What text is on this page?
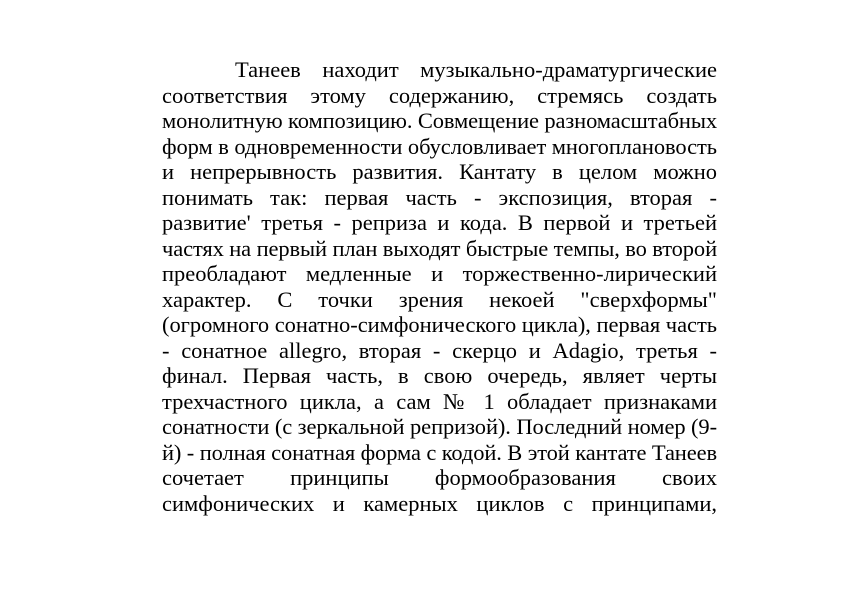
Танеев находит музыкально-драматургические
соответствия этому содержанию, стремясь создать
монолитную композицию. Совмещение разномасштабных
форм в одновременности обусловливает многоплановость
и непрерывность развития. Кантату в целом можно
понимать так: первая часть - экспозиция, вторая -
развитие' третья - реприза и кода. В первой и третьей
частях на первый план выходят быстрые темпы, во второй
преобладают медленные и торжественно-лирический
характер. С точки зрения некоей "сверхформы"
(огромного сонатно-симфонического цикла), первая часть
- сонатное allegro, вторая - скерцо и Adagio, третья -
финал. Первая часть, в свою очередь, являет черты
трехчастного цикла, а сам № 1 обладает признаками
сонатности (с зеркальной репризой). Последний номер (9-
й) - полная сонатная форма с кодой. В этой кантате Танеев
сочетает принципы формообразования своих
симфонических и камерных циклов с принципами,
